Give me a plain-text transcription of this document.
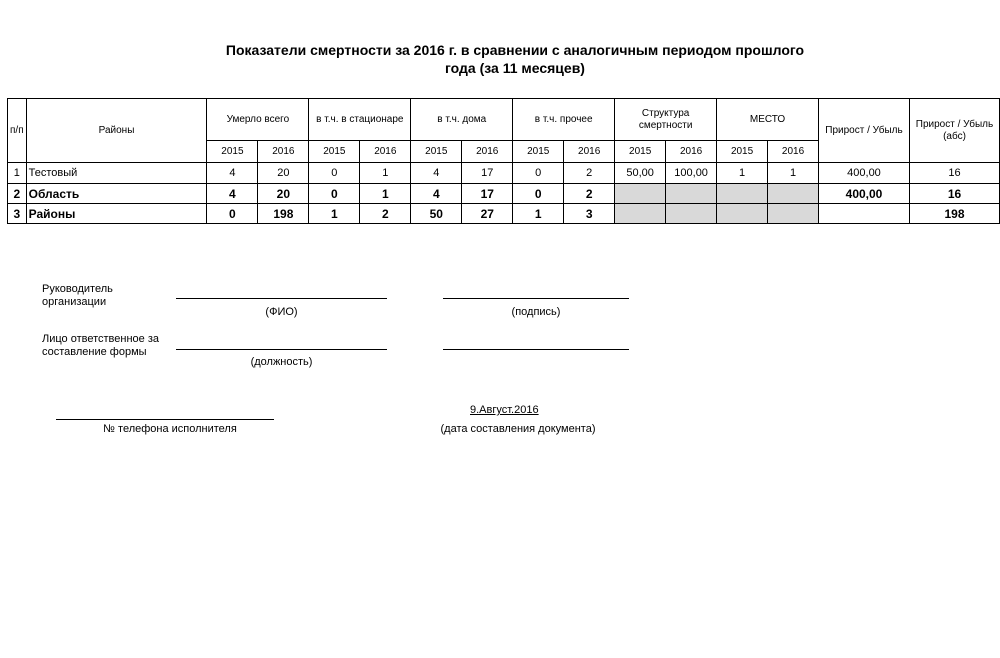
Показатели смертности за 2016 г. в сравнении с аналогичным периодом прошлого
года (за 11 месяцев)
п/п	Районы	Умерло всего		в т.ч. в стационаре		в т.ч. дома		в т.ч. прочее		Структура смертности		МЕСТО		Прирост / Убыль	Прирост / Убыль (абс)
		2015	2016	2015	2016	2015	2016	2015	2016	2015	2016	2015	2016		
1	Тестовый	4	20	0	1	4	17	0	2	50,00	100,00	1	1	400,00	16
2	Область	4	20	0	1	4	17	0	2					400,00	16
3	Районы	0	198	1	2	50	27	1	3						198
Руководитель
организации
(ФИО)	(подпись)
Лицо ответственное за
составление формы
(должность)
№ телефона исполнителя
9.Август.2016
(дата составления документа)
